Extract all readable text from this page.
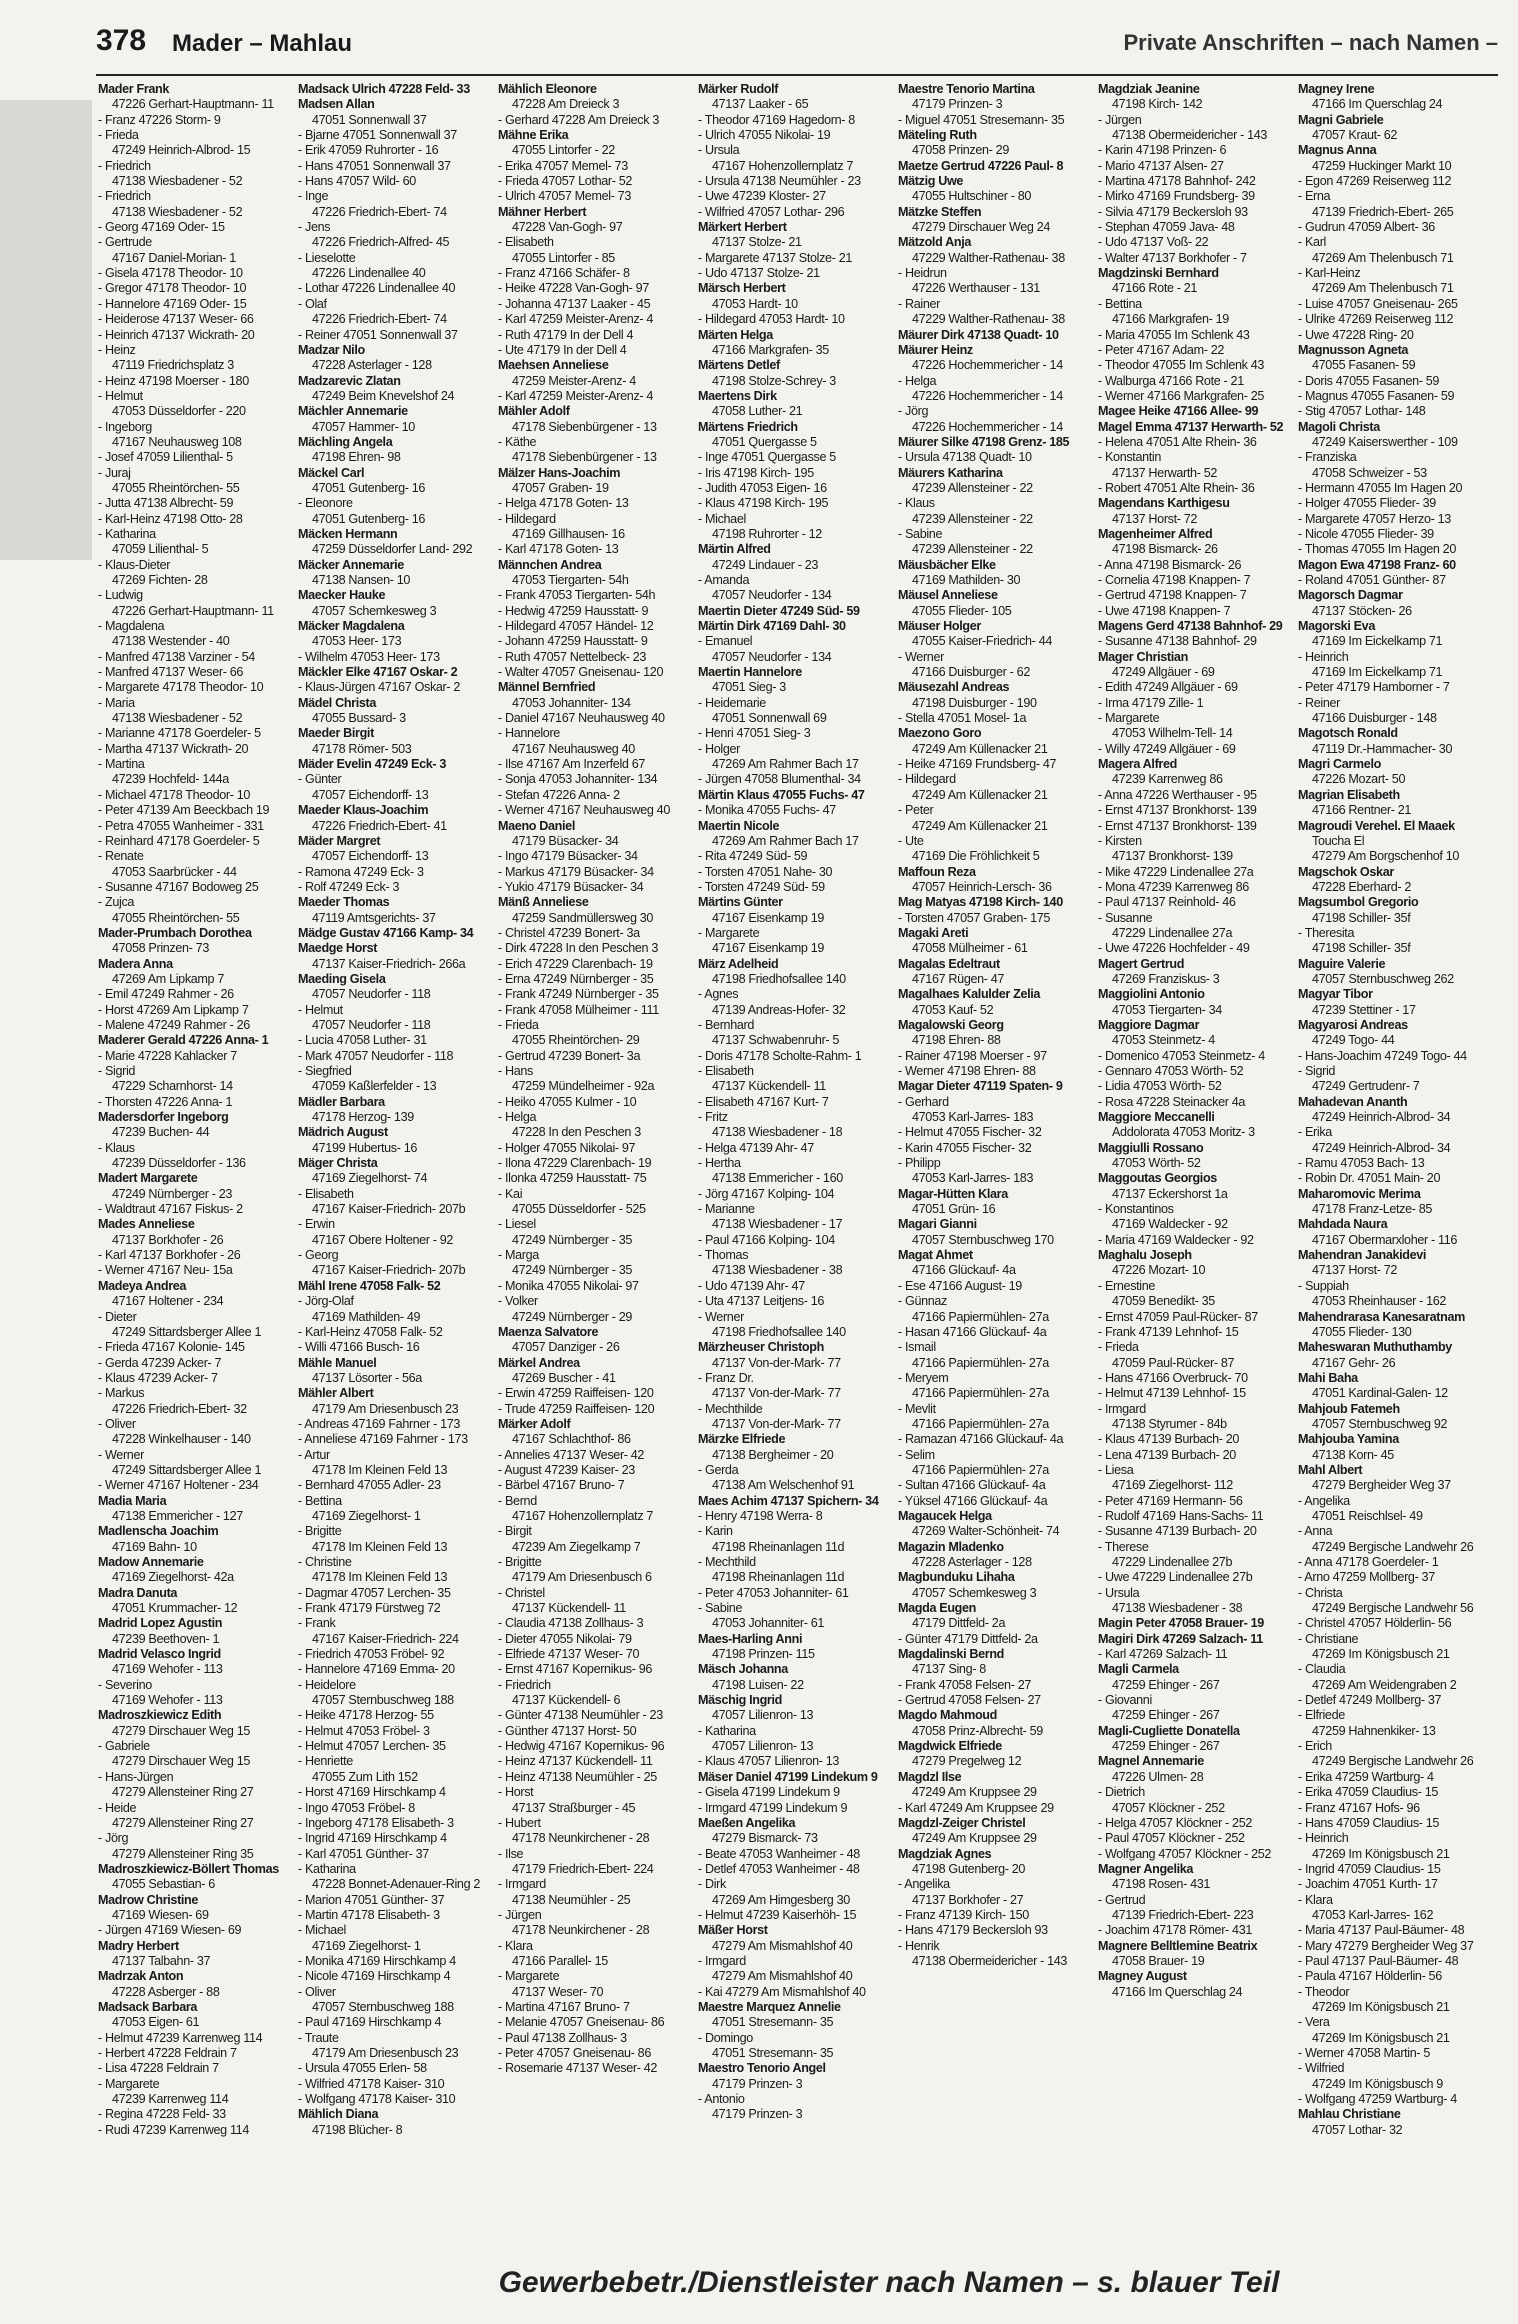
378 Mader – Mahlau	Private Anschriften – nach Namen –
Mader Frank
47226 Gerhart-Hauptmann- 11
- Franz 47226 Storm- 9
- Frieda
47249 Heinrich-Albrod- 15
- Friedrich
47138 Wiesbadener - 52
- Friedrich
47138 Wiesbadener - 52
- Georg 47169 Oder- 15
- Gertrude
47167 Daniel-Morian- 1
- Gisela 47178 Theodor- 10
- Gregor 47178 Theodor- 10
- Hannelore 47169 Oder- 15
- Heiderose 47137 Weser- 66
- Heinrich 47137 Wickrath- 20
- Heinz
47119 Friedrichsplatz 3
- Heinz 47198 Moerser - 180
- Helmut
47053 Düsseldorfer - 220
- Ingeborg
47167 Neuhausweg 108
- Josef 47059 Lilienthal- 5
- Juraj
47055 Rheintörchen- 55
- Jutta 47138 Albrecht- 59
- Karl-Heinz 47198 Otto- 28
- Katharina
47059 Lilienthal- 5
- Klaus-Dieter
47269 Fichten- 28
- Ludwig
47226 Gerhart-Hauptmann- 11
- Magdalena
47138 Westender - 40
- Manfred 47138 Varziner - 54
- Manfred 47137 Weser- 66
- Margarete 47178 Theodor- 10
- Maria
47138 Wiesbadener - 52
- Marianne 47178 Goerdeler- 5
- Martha 47137 Wickrath- 20
- Martina
47239 Hochfeld- 144a
- Michael 47178 Theodor- 10
- Peter 47139 Am Beeckbach 19
- Petra 47055 Wanheimer - 331
- Reinhard 47178 Goerdeler- 5
- Renate
47053 Saarbrücker - 44
- Susanne 47167 Bodoweg 25
- Zujca
47055 Rheintörchen- 55
Mader-Prumbach Dorothea
47058 Prinzen- 73
Madera Anna
47269 Am Lipkamp 7
- Emil 47249 Rahmer - 26
- Horst 47269 Am Lipkamp 7
- Malene 47249 Rahmer - 26
Maderer Gerald 47226 Anna- 1
- Marie 47228 Kahlacker 7
- Sigrid
47229 Scharnhorst- 14
- Thorsten 47226 Anna- 1
Madersdorfer Ingeborg
47239 Buchen- 44
- Klaus
47239 Düsseldorfer - 136
Madert Margarete
47249 Nürnberger - 23
- Waldtraut 47167 Fiskus- 2
Mades Anneliese
47137 Borkhofer - 26
- Karl 47137 Borkhofer - 26
- Werner 47167 Neu- 15a
Madeya Andrea
47167 Holtener - 234
- Dieter
47249 Sittardsberger Allee 1
- Frieda 47167 Kolonie- 145
- Gerda 47239 Acker- 7
- Klaus 47239 Acker- 7
- Markus
47226 Friedrich-Ebert- 32
- Oliver
47228 Winkelhauser - 140
- Werner
47249 Sittardsberger Allee 1
- Werner 47167 Holtener - 234
Madia Maria
47138 Emmericher - 127
Madlenscha Joachim
47169 Bahn- 10
Madow Annemarie
47169 Ziegelhorst- 42a
Madra Danuta
47051 Krummacher- 12
Madrid Lopez Agustin
47239 Beethoven- 1
Madrid Velasco Ingrid
47169 Wehofer - 113
- Severino
47169 Wehofer - 113
Madroszkiewicz Edith
47279 Dirschauer Weg 15
- Gabriele
47279 Dirschauer Weg 15
- Hans-Jürgen
47279 Allensteiner Ring 27
- Heide
47279 Allensteiner Ring 27
- Jörg
47279 Allensteiner Ring 35
Madroszkiewicz-Böllert Thomas
47055 Sebastian- 6
Madrow Christine
47169 Wiesen- 69
- Jürgen 47169 Wiesen- 69
Madry Herbert
47137 Talbahn- 37
Madrzak Anton
47228 Asberger - 88
Madsack Barbara
47053 Eigen- 61
- Helmut 47239 Karrenweg 114
- Herbert 47228 Feldrain 7
- Lisa 47228 Feldrain 7
- Margarete
47239 Karrenweg 114
- Regina 47228 Feld- 33
- Rudi 47239 Karrenweg 114
Madsack Ulrich 47228 Feld- 33
Madsen Allan
47051 Sonnenwall 37
- Bjarne 47051 Sonnenwall 37
- Erik 47059 Ruhrorter - 16
- Hans 47051 Sonnenwall 37
- Hans 47057 Wild- 60
- Inge
47226 Friedrich-Ebert- 74
- Jens
47226 Friedrich-Alfred- 45
- Lieselotte
47226 Lindenallee 40
- Lothar 47226 Lindenallee 40
- Olaf
47226 Friedrich-Ebert- 74
- Reiner 47051 Sonnenwall 37
Madzar Nilo
47228 Asterlager - 128
Madzarevic Zlatan
47249 Beim Knevelshof 24
Mächler Annemarie
47057 Hammer- 10
Mächling Angela
47198 Ehren- 98
Mäckel Carl
47051 Gutenberg- 16
- Eleonore
47051 Gutenberg- 16
Mäcken Hermann
47259 Düsseldorfer Land- 292
Mäcker Annemarie
47138 Nansen- 10
Maecker Hauke
47057 Schemkesweg 3
Mäcker Magdalena
47053 Heer- 173
- Wilhelm 47053 Heer- 173
Mäckler Elke 47167 Oskar- 2
- Klaus-Jürgen 47167 Oskar- 2
Mädel Christa
47055 Bussard- 3
Maeder Birgit
47178 Römer- 503
Mäder Evelin 47249 Eck- 3
- Günter
47057 Eichendorff- 13
Maeder Klaus-Joachim
47226 Friedrich-Ebert- 41
Mäder Margret
47057 Eichendorff- 13
- Ramona 47249 Eck- 3
- Rolf 47249 Eck- 3
Maeder Thomas
47119 Amtsgerichts- 37
Mädge Gustav 47166 Kamp- 34
Maedge Horst
47137 Kaiser-Friedrich- 266a
Maeding Gisela
47057 Neudorfer - 118
- Helmut
47057 Neudorfer - 118
- Lucia 47058 Luther- 31
- Mark 47057 Neudorfer - 118
- Siegfried
47059 Kaßlerfelder - 13
Mädler Barbara
47178 Herzog- 139
Mädrich August
47199 Hubertus- 16
Mäger Christa
47169 Ziegelhorst- 74
- Elisabeth
47167 Kaiser-Friedrich- 207b
- Erwin
47167 Obere Holtener - 92
- Georg
47167 Kaiser-Friedrich- 207b
Mähl Irene 47058 Falk- 52
- Jörg-Olaf
47169 Mathilden- 49
- Karl-Heinz 47058 Falk- 52
- Willi 47166 Busch- 16
Mähle Manuel
47137 Lösorter - 56a
Mähler Albert
47179 Am Driesenbusch 23
- Andreas 47169 Fahrner - 173
- Anneliese 47169 Fahrner - 173
- Artur
47178 Im Kleinen Feld 13
- Bernhard 47055 Adler- 23
- Bettina
47169 Ziegelhorst- 1
- Brigitte
47178 Im Kleinen Feld 13
- Christine
47178 Im Kleinen Feld 13
- Dagmar 47057 Lerchen- 35
- Frank 47179 Fürstweg 72
- Frank
47167 Kaiser-Friedrich- 224
- Friedrich 47053 Fröbel- 92
- Hannelore 47169 Emma- 20
- Heidelore
47057 Sternbuschweg 188
- Heike 47178 Herzog- 55
- Helmut 47053 Fröbel- 3
- Helmut 47057 Lerchen- 35
- Henriette
47055 Zum Lith 152
- Horst 47169 Hirschkamp 4
- Ingo 47053 Fröbel- 8
- Ingeborg 47178 Elisabeth- 3
- Ingrid 47169 Hirschkamp 4
- Karl 47051 Günther- 37
- Katharina
47228 Bonnet-Adenauer-Ring 2
- Marion 47051 Günther- 37
- Martin 47178 Elisabeth- 3
- Michael
47169 Ziegelhorst- 1
- Monika 47169 Hirschkamp 4
- Nicole 47169 Hirschkamp 4
- Oliver
47057 Sternbuschweg 188
- Paul 47169 Hirschkamp 4
- Traute
47179 Am Driesenbusch 23
- Ursula 47055 Erlen- 58
- Wilfried 47178 Kaiser- 310
- Wolfgang 47178 Kaiser- 310
Mählich Diana
47198 Blücher- 8
Mählich Eleonore
47228 Am Dreieck 3
- Gerhard 47228 Am Dreieck 3
Mähne Erika
47055 Lintorfer - 22
- Erika 47057 Memel- 73
- Frieda 47057 Lothar- 52
- Ulrich 47057 Memel- 73
Mähner Herbert
47228 Van-Gogh- 97
- Elisabeth
47055 Lintorfer - 85
- Franz 47166 Schäfer- 8
- Heike 47228 Van-Gogh- 97
- Johanna 47137 Laaker - 45
- Karl 47259 Meister-Arenz- 4
- Ruth 47179 In der Dell 4
- Ute 47179 In der Dell 4
Maehsen Anneliese
47259 Meister-Arenz- 4
- Karl 47259 Meister-Arenz- 4
Mähler Adolf
47178 Siebenbürgener - 13
- Käthe
47178 Siebenbürgener - 13
Mälzer Hans-Joachim
47057 Graben- 19
- Helga 47178 Goten- 13
- Hildegard
47169 Gillhausen- 16
- Karl 47178 Goten- 13
Männchen Andrea
47053 Tiergarten- 54h
- Frank 47053 Tiergarten- 54h
- Hedwig 47259 Hausstatt- 9
- Hildegard 47057 Händel- 12
- Johann 47259 Hausstatt- 9
- Ruth 47057 Nettelbeck- 23
- Walter 47057 Gneisenau- 120
Männel Bernfried
47053 Johanniter- 134
- Daniel 47167 Neuhausweg 40
- Hannelore
47167 Neuhausweg 40
- Ilse 47167 Am Inzerfeld 67
- Sonja 47053 Johanniter- 134
- Stefan 47226 Anna- 2
- Werner 47167 Neuhausweg 40
Maeno Daniel
47179 Büsacker- 34
- Ingo 47179 Büsacker- 34
- Markus 47179 Büsacker- 34
- Yukio 47179 Büsacker- 34
Mänß Anneliese
47259 Sandmüllersweg 30
- Christel 47239 Bonert- 3a
- Dirk 47228 In den Peschen 3
- Erich 47229 Clarenbach- 19
- Erna 47249 Nürnberger - 35
- Frank 47249 Nürnberger - 35
- Frank 47058 Mülheimer - 111
- Frieda
47055 Rheintörchen- 29
- Gertrud 47239 Bonert- 3a
- Hans
47259 Mündelheimer - 92a
- Heiko 47055 Kulmer - 10
- Helga
47228 In den Peschen 3
- Holger 47055 Nikolai- 97
- Ilona 47229 Clarenbach- 19
- Ilonka 47259 Hausstatt- 75
- Kai
47055 Düsseldorfer - 525
- Liesel
47249 Nürnberger - 35
- Marga
47249 Nürnberger - 35
- Monika 47055 Nikolai- 97
- Volker
47249 Nürnberger - 29
Maenza Salvatore
47057 Danziger - 26
Märkel Andrea
47269 Buscher - 41
- Erwin 47259 Raiffeisen- 120
- Trude 47259 Raiffeisen- 120
Märker Adolf
47167 Schlachthof- 86
- Annelies 47137 Weser- 42
- August 47239 Kaiser- 23
- Bärbel 47167 Bruno- 7
- Bernd
47167 Hohenzollernplatz 7
- Birgit
47239 Am Ziegelkamp 7
- Brigitte
47179 Am Driesenbusch 6
- Christel
47137 Kückendell- 11
- Claudia 47138 Zollhaus- 3
- Dieter 47055 Nikolai- 79
- Elfriede 47137 Weser- 70
- Ernst 47167 Kopernikus- 96
- Friedrich
47137 Kückendell- 6
- Günter 47138 Neumühler - 23
- Günther 47137 Horst- 50
- Hedwig 47167 Kopernikus- 96
- Heinz 47137 Kückendell- 11
- Heinz 47138 Neumühler - 25
- Horst
47137 Straßburger - 45
- Hubert
47178 Neunkirchener - 28
- Ilse
47179 Friedrich-Ebert- 224
- Irmgard
47138 Neumühler - 25
- Jürgen
47178 Neunkirchener - 28
- Klara
47166 Parallel- 15
- Margarete
47137 Weser- 70
- Martina 47167 Bruno- 7
- Melanie 47057 Gneisenau- 86
- Paul 47138 Zollhaus- 3
- Peter 47057 Gneisenau- 86
- Rosemarie 47137 Weser- 42
Märker Rudolf
47137 Laaker - 65
- Theodor 47169 Hagedorn- 8
- Ulrich 47055 Nikolai- 19
- Ursula
47167 Hohenzollernplatz 7
- Ursula 47138 Neumühler - 23
- Uwe 47239 Kloster- 27
- Wilfried 47057 Lothar- 296
Märkert Herbert
47137 Stolze- 21
- Margarete 47137 Stolze- 21
- Udo 47137 Stolze- 21
Märsch Herbert
47053 Hardt- 10
- Hildegard 47053 Hardt- 10
Märten Helga
47166 Markgrafen- 35
Märtens Detlef
47198 Stolze-Schrey- 3
Maertens Dirk
47058 Luther- 21
Märtens Friedrich
47051 Quergasse 5
- Inge 47051 Quergasse 5
- Iris 47198 Kirch- 195
- Judith 47053 Eigen- 16
- Klaus 47198 Kirch- 195
- Michael
47198 Ruhrorter - 12
Märtin Alfred
47249 Lindauer - 23
- Amanda
47057 Neudorfer - 134
Maertin Dieter 47249 Süd- 59
Märtin Dirk 47169 Dahl- 30
- Emanuel
47057 Neudorfer - 134
Maertin Hannelore
47051 Sieg- 3
- Heidemarie
47051 Sonnenwall 69
- Henri 47051 Sieg- 3
- Holger
47269 Am Rahmer Bach 17
- Jürgen 47058 Blumenthal- 34
Märtin Klaus 47055 Fuchs- 47
- Monika 47055 Fuchs- 47
Maertin Nicole
47269 Am Rahmer Bach 17
- Rita 47249 Süd- 59
- Torsten 47051 Nahe- 30
- Torsten 47249 Süd- 59
Märtins Günter
47167 Eisenkamp 19
- Margarete
47167 Eisenkamp 19
März Adelheid
47198 Friedhofsallee 140
- Agnes
47139 Andreas-Hofer- 32
- Bernhard
47137 Schwabenruhr- 5
- Doris 47178 Scholte-Rahm- 1
- Elisabeth
47137 Kückendell- 11
- Elisabeth 47167 Kurt- 7
- Fritz
47138 Wiesbadener - 18
- Helga 47139 Ahr- 47
- Hertha
47138 Emmericher - 160
- Jörg 47167 Kolping- 104
- Marianne
47138 Wiesbadener - 17
- Paul 47166 Kolping- 104
- Thomas
47138 Wiesbadener - 38
- Udo 47139 Ahr- 47
- Uta 47137 Leitjens- 16
- Werner
47198 Friedhofsallee 140
Märzheuser Christoph
47137 Von-der-Mark- 77
- Franz Dr.
47137 Von-der-Mark- 77
- Mechthilde
47137 Von-der-Mark- 77
Märzke Elfriede
47138 Bergheimer - 20
- Gerda
47138 Am Welschenhof 91
Maes Achim 47137 Spichern- 34
- Henry 47198 Werra- 8
- Karin
47198 Rheinanlagen 11d
- Mechthild
47198 Rheinanlagen 11d
- Peter 47053 Johanniter- 61
- Sabine
47053 Johanniter- 61
Maes-Harling Anni
47198 Prinzen- 115
Mäsch Johanna
47198 Luisen- 22
Mäschig Ingrid
47057 Lilienron- 13
- Katharina
47057 Lilienron- 13
- Klaus 47057 Lilienron- 13
Mäser Daniel 47199 Lindekum 9
- Gisela 47199 Lindekum 9
- Irmgard 47199 Lindekum 9
Maeßen Angelika
47279 Bismarck- 73
- Beate 47053 Wanheimer - 48
- Detlef 47053 Wanheimer - 48
- Dirk
47269 Am Himgesberg 30
- Helmut 47239 Kaiserhöh- 15
Mäßer Horst
47279 Am Mismahlshof 40
- Irmgard
47279 Am Mismahlshof 40
- Kai 47279 Am Mismahlshof 40
Maestre Marquez Annelie
47051 Stresemann- 35
- Domingo
47051 Stresemann- 35
Maestro Tenorio Angel
47179 Prinzen- 3
- Antonio
47179 Prinzen- 3
Maestre Tenorio Martina
47179 Prinzen- 3
- Miguel 47051 Stresemann- 35
Mäteling Ruth
47058 Prinzen- 29
Maetze Gertrud 47226 Paul- 8
Mätzig Uwe
47055 Hultschiner - 80
Mätzke Steffen
47279 Dirschauer Weg 24
Mätzold Anja
47229 Walther-Rathenau- 38
- Heidrun
47226 Werthauser - 131
- Rainer
47229 Walther-Rathenau- 38
Mäurer Dirk 47138 Quadt- 10
Mäurer Heinz
47226 Hochemmericher - 14
- Helga
47226 Hochemmericher - 14
- Jörg
47226 Hochemmericher - 14
Mäurer Silke 47198 Grenz- 185
- Ursula 47138 Quadt- 10
Mäurers Katharina
47239 Allensteiner - 22
- Klaus
47239 Allensteiner - 22
- Sabine
47239 Allensteiner - 22
Mäusbächer Elke
47169 Mathilden- 30
Mäusel Anneliese
47055 Flieder- 105
Mäuser Holger
47055 Kaiser-Friedrich- 44
- Werner
47166 Duisburger - 62
Mäusezahl Andreas
47198 Duisburger - 190
- Stella 47051 Mosel- 1a
Maezono Goro
47249 Am Küllenacker 21
- Heike 47169 Frundsberg- 47
- Hildegard
47249 Am Küllenacker 21
- Peter
47249 Am Küllenacker 21
- Ute
47169 Die Fröhlichkeit 5
Maffoun Reza
47057 Heinrich-Lersch- 36
Mag Matyas 47198 Kirch- 140
- Torsten 47057 Graben- 175
Magaki Areti
47058 Mülheimer - 61
Magalas Edeltraut
47167 Rügen- 47
Magalhaes Kalulder Zelia
47053 Kauf- 52
Magalowski Georg
47198 Ehren- 88
- Rainer 47198 Moerser - 97
- Werner 47198 Ehren- 88
Magar Dieter 47119 Spaten- 9
- Gerhard
47053 Karl-Jarres- 183
- Helmut 47055 Fischer- 32
- Karin 47055 Fischer- 32
- Philipp
47053 Karl-Jarres- 183
Magar-Hütten Klara
47051 Grün- 16
Magari Gianni
47057 Sternbuschweg 170
Magat Ahmet
47166 Glückauf- 4a
- Ese 47166 August- 19
- Günnaz
47166 Papiermühlen- 27a
- Hasan 47166 Glückauf- 4a
- Ismail
47166 Papiermühlen- 27a
- Meryem
47166 Papiermühlen- 27a
- Mevlit
47166 Papiermühlen- 27a
- Ramazan 47166 Glückauf- 4a
- Selim
47166 Papiermühlen- 27a
- Sultan 47166 Glückauf- 4a
- Yüksel 47166 Glückauf- 4a
Magaucek Helga
47269 Walter-Schönheit- 74
Magazin Mladenko
47228 Asterlager - 128
Magbunduku Lihaha
47057 Schemkesweg 3
Magda Eugen
47179 Dittfeld- 2a
- Günter 47179 Dittfeld- 2a
Magdalinski Bernd
47137 Sing- 8
- Frank 47058 Felsen- 27
- Gertrud 47058 Felsen- 27
Magdo Mahmoud
47058 Prinz-Albrecht- 59
Magdwick Elfriede
47279 Pregelweg 12
Magdzl Ilse
47249 Am Kruppsee 29
- Karl 47249 Am Kruppsee 29
Magdzl-Zeiger Christel
47249 Am Kruppsee 29
Magdziak Agnes
47198 Gutenberg- 20
- Angelika
47137 Borkhofer - 27
- Franz 47139 Kirch- 150
- Hans 47179 Beckersloh 93
- Henrik
47138 Obermeidericher - 143
Magdziak Jeanine
47198 Kirch- 142
- Jürgen
47138 Obermeidericher - 143
- Karin 47198 Prinzen- 6
- Mario 47137 Alsen- 27
- Martina 47178 Bahnhof- 242
- Mirko 47169 Frundsberg- 39
- Silvia 47179 Beckersloh 93
- Stephan 47059 Java- 48
- Udo 47137 Voß- 22
- Walter 47137 Borkhofer - 7
Magdzinski Bernhard
47166 Rote - 21
- Bettina
47166 Markgrafen- 19
- Maria 47055 Im Schlenk 43
- Peter 47167 Adam- 22
- Theodor 47055 Im Schlenk 43
- Walburga 47166 Rote - 21
- Werner 47166 Markgrafen- 25
Magee Heike 47166 Allee- 99
Magel Emma 47137 Herwarth- 52
- Helena 47051 Alte Rhein- 36
- Konstantin
47137 Herwarth- 52
- Robert 47051 Alte Rhein- 36
Magendans Karthigesu
47137 Horst- 72
Magenheimer Alfred
47198 Bismarck- 26
- Anna 47198 Bismarck- 26
- Cornelia 47198 Knappen- 7
- Gertrud 47198 Knappen- 7
- Uwe 47198 Knappen- 7
Magens Gerd 47138 Bahnhof- 29
- Susanne 47138 Bahnhof- 29
Mager Christian
47249 Allgäuer - 69
- Edith 47249 Allgäuer - 69
- Irma 47179 Zille- 1
- Margarete
47053 Wilhelm-Tell- 14
- Willy 47249 Allgäuer - 69
Magera Alfred
47239 Karrenweg 86
- Anna 47226 Werthauser - 95
- Ernst 47137 Bronkhorst- 139
- Ernst 47137 Bronkhorst- 139
- Kirsten
47137 Bronkhorst- 139
- Mike 47229 Lindenallee 27a
- Mona 47239 Karrenweg 86
- Paul 47137 Reinhold- 46
- Susanne
47229 Lindenallee 27a
- Uwe 47226 Hochfelder - 49
Magert Gertrud
47269 Franziskus- 3
Maggiolini Antonio
47053 Tiergarten- 34
Maggiore Dagmar
47053 Steinmetz- 4
- Domenico 47053 Steinmetz- 4
- Gennaro 47053 Wörth- 52
- Lidia 47053 Wörth- 52
- Rosa 47228 Steinacker 4a
Maggiore Meccanelli
Addolorata 47053 Moritz- 3
Maggiulli Rossano
47053 Wörth- 52
Maggoutas Georgios
47137 Eckershorst 1a
- Konstantinos
47169 Waldecker - 92
- Maria 47169 Waldecker - 92
Maghalu Joseph
47226 Mozart- 10
- Ernestine
47059 Benedikt- 35
- Ernst 47059 Paul-Rücker- 87
- Frank 47139 Lehnhof- 15
- Frieda
47059 Paul-Rücker- 87
- Hans 47166 Overbruck- 70
- Helmut 47139 Lehnhof- 15
- Irmgard
47138 Styrumer - 84b
- Klaus 47139 Burbach- 20
- Lena 47139 Burbach- 20
- Liesa
47169 Ziegelhorst- 112
- Peter 47169 Hermann- 56
- Rudolf 47169 Hans-Sachs- 11
- Susanne 47139 Burbach- 20
- Therese
47229 Lindenallee 27b
- Uwe 47229 Lindenallee 27b
- Ursula
47138 Wiesbadener - 38
Magin Peter 47058 Brauer- 19
Magiri Dirk 47269 Salzach- 11
- Karl 47269 Salzach- 11
Magli Carmela
47259 Ehinger - 267
- Giovanni
47259 Ehinger - 267
Magli-Cugliette Donatella
47259 Ehinger - 267
Magnel Annemarie
47226 Ulmen- 28
- Dietrich
47057 Klöckner - 252
- Helga 47057 Klöckner - 252
- Paul 47057 Klöckner - 252
- Wolfgang 47057 Klöckner - 252
Magner Angelika
47198 Rosen- 431
- Gertrud
47139 Friedrich-Ebert- 223
- Joachim 47178 Römer- 431
Magnere Belltlemine Beatrix
47058 Brauer- 19
Magney August
47166 Im Querschlag 24
Magney Irene
47166 Im Querschlag 24
Magni Gabriele
47057 Kraut- 62
Magnus Anna
47259 Huckinger Markt 10
- Egon 47269 Reiserweg 112
- Erna
47139 Friedrich-Ebert- 265
- Gudrun 47059 Albert- 36
- Karl
47269 Am Thelenbusch 71
- Karl-Heinz
47269 Am Thelenbusch 71
- Luise 47057 Gneisenau- 265
- Ulrike 47269 Reiserweg 112
- Uwe 47228 Ring- 20
Magnusson Agneta
47055 Fasanen- 59
- Doris 47055 Fasanen- 59
- Magnus 47055 Fasanen- 59
- Stig 47057 Lothar- 148
Magoli Christa
47249 Kaiserswerther - 109
- Franziska
47058 Schweizer - 53
- Hermann 47055 Im Hagen 20
- Holger 47055 Flieder- 39
- Margarete 47057 Herzo- 13
- Nicole 47055 Flieder- 39
- Thomas 47055 Im Hagen 20
Magon Ewa 47198 Franz- 60
- Roland 47051 Günther- 87
Magorsch Dagmar
47137 Stöcken- 26
Magorski Eva
47169 Im Eickelkamp 71
- Heinrich
47169 Im Eickelkamp 71
- Peter 47179 Hamborner - 7
- Reiner
47166 Duisburger - 148
Magotsch Ronald
47119 Dr.-Hammacher- 30
Magri Carmelo
47226 Mozart- 50
Magrian Elisabeth
47166 Rentner- 21
Magroudi Verehel. El Maaek
Toucha El
47279 Am Borgschenhof 10
Magschok Oskar
47228 Eberhard- 2
Magsumbol Gregorio
47198 Schiller- 35f
- Theresita
47198 Schiller- 35f
Maguire Valerie
47057 Sternbuschweg 262
Magyar Tibor
47239 Stettiner - 17
Magyarosi Andreas
47249 Togo- 44
- Hans-Joachim 47249 Togo- 44
- Sigrid
47249 Gertrudenr- 7
Mahadevan Ananth
47249 Heinrich-Albrod- 34
- Erika
47249 Heinrich-Albrod- 34
- Ramu 47053 Bach- 13
- Robin Dr. 47051 Main- 20
Maharomovic Merima
47178 Franz-Letze- 85
Mahdada Naura
47167 Obermarxloher - 116
Mahendran Janakidevi
47137 Horst- 72
- Suppiah
47053 Rheinhauser - 162
Mahendrarasa Kanesaratnam
47055 Flieder- 130
Maheswaran Muthuthamby
47167 Gehr- 26
Mahi Baha
47051 Kardinal-Galen- 12
Mahjoub Fatemeh
47057 Sternbuschweg 92
Mahjouba Yamina
47138 Korn- 45
Mahl Albert
47279 Bergheider Weg 37
- Angelika
47051 Reischlsel- 49
- Anna
47249 Bergische Landwehr 26
- Anna 47178 Goerdeler- 1
- Arno 47259 Mollberg- 37
- Christa
47249 Bergische Landwehr 56
- Christel 47057 Hölderlin- 56
- Christiane
47269 Im Königsbusch 21
- Claudia
47269 Am Weidengraben 2
- Detlef 47249 Mollberg- 37
- Elfriede
47259 Hahnenkiker- 13
- Erich
47249 Bergische Landwehr 26
- Erika 47259 Wartburg- 4
- Erika 47059 Claudius- 15
- Franz 47167 Hofs- 96
- Hans 47059 Claudius- 15
- Heinrich
47269 Im Königsbusch 21
- Ingrid 47059 Claudius- 15
- Joachim 47051 Kurth- 17
- Klara
47053 Karl-Jarres- 162
- Maria 47137 Paul-Bäumer- 48
- Mary 47279 Bergheider Weg 37
- Paul 47137 Paul-Bäumer- 48
- Paula 47167 Hölderlin- 56
- Theodor
47269 Im Königsbusch 21
- Vera
47269 Im Königsbusch 21
- Werner 47058 Martin- 5
- Wilfried
47249 Im Königsbusch 9
- Wolfgang 47259 Wartburg- 4
Mahlau Christiane
47057 Lothar- 32
Gewerbebetr./Dienstleister nach Namen – s. blauer Teil
